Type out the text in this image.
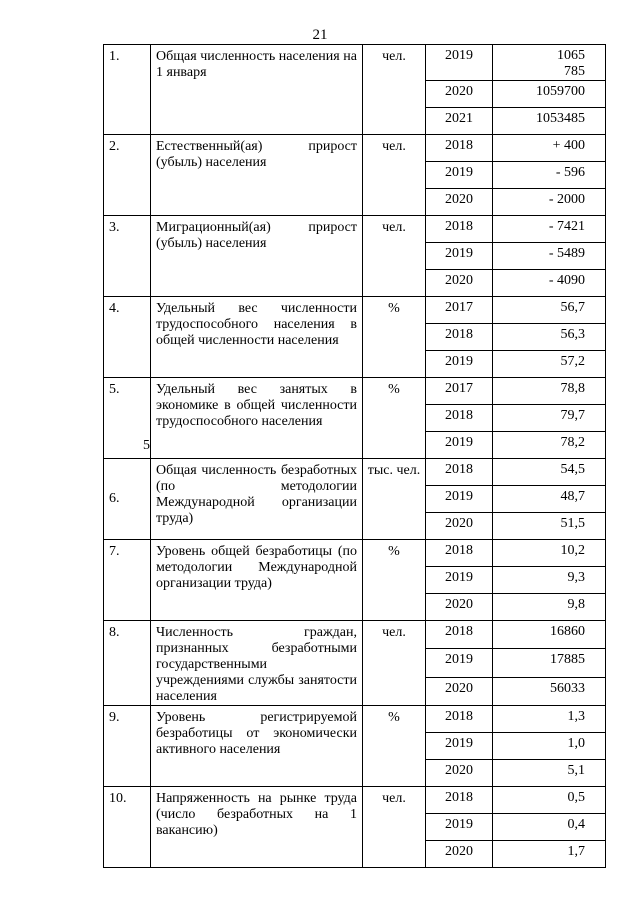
21
1.	Общая численность населения на 1 января	чел.	2019	1065785
			2020	1059700
			2021	1053485
2.	Естественный(ая) прирост (убыль) населения	чел.	2018	+ 400
			2019	- 596
			2020	- 2000
3.	Миграционный(ая) прирост (убыль) населения	чел.	2018	- 7421
			2019	- 5489
			2020	- 4090
4.	Удельный вес численности трудоспособного населения в общей численности населения	%	2017	56,7
			2018	56,3
			2019	57,2
5.	Удельный вес занятых в экономике в общей численности трудоспособного населения	%	2017	78,8
			2018	79,7
			2019	78,2
6.	Общая численность безработных (по методологии Международной организации труда)	тыс. чел.	2018	54,5
			2019	48,7
			2020	51,5
7.	Уровень общей безработицы (по методологии Международной организации труда)	%	2018	10,2
			2019	9,3
			2020	9,8
8.	Численность граждан, признанных безработными государственными учреждениями службы занятости населения	чел.	2018	16860
			2019	17885
			2020	56033
9.	Уровень регистрируемой безработицы от экономически активного населения	%	2018	1,3
			2019	1,0
			2020	5,1
10.	Напряженность на рынке труда (число безработных на 1 вакансию)	чел.	2018	0,5
			2019	0,4
			2020	1,7
5
